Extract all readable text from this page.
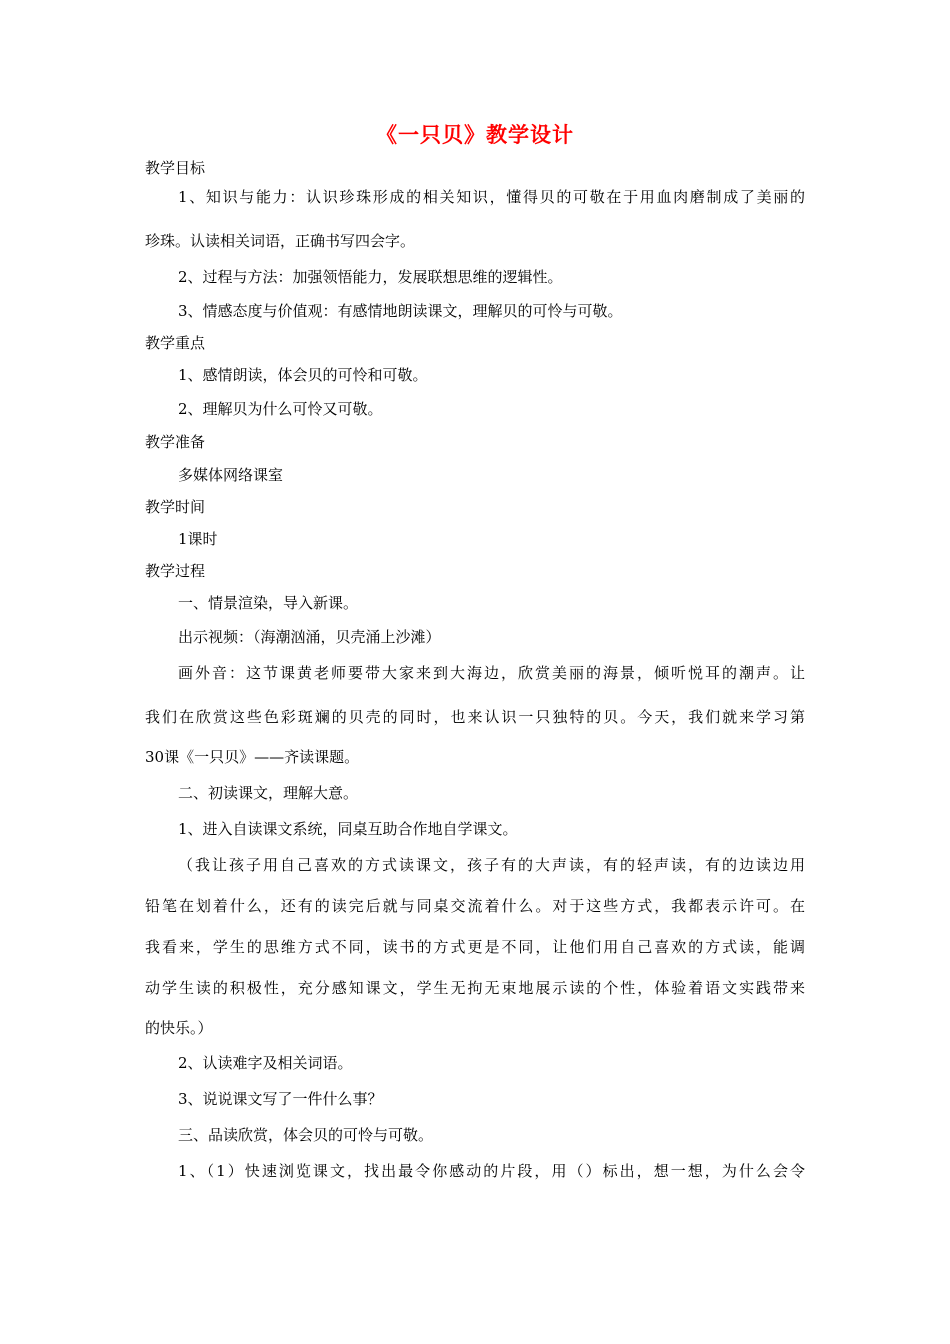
《一只贝》教学设计
教学目标
1、知识与能力：认识珍珠形成的相关知识，懂得贝的可敬在于用血肉磨制成了美丽的
珍珠。认读相关词语，正确书写四会字。
2、过程与方法：加强领悟能力，发展联想思维的逻辑性。
3、情感态度与价值观：有感情地朗读课文，理解贝的可怜与可敬。
教学重点
1、感情朗读，体会贝的可怜和可敬。
2、理解贝为什么可怜又可敬。
教学准备
多媒体网络课室
教学时间
1课时
教学过程
一、情景渲染，导入新课。
出示视频：（海潮汹涌，贝壳涌上沙滩）
画外音：这节课黄老师要带大家来到大海边，欣赏美丽的海景，倾听悦耳的潮声。让
我们在欣赏这些色彩斑斓的贝壳的同时，也来认识一只独特的贝。今天，我们就来学习第
30课《一只贝》——齐读课题。
二、初读课文，理解大意。
1、进入自读课文系统，同桌互助合作地自学课文。
（我让孩子用自己喜欢的方式读课文，孩子有的大声读，有的轻声读，有的边读边用
铅笔在划着什么，还有的读完后就与同桌交流着什么。对于这些方式，我都表示许可。在
我看来，学生的思维方式不同，读书的方式更是不同，让他们用自己喜欢的方式读，能调
动学生读的积极性，充分感知课文，学生无拘无束地展示读的个性，体验着语文实践带来
的快乐。）
2、认读难字及相关词语。
3、说说课文写了一件什么事？
三、品读欣赏，体会贝的可怜与可敬。
1、（1）快速浏览课文，找出最令你感动的片段，用（）标出，想一想，为什么会令
